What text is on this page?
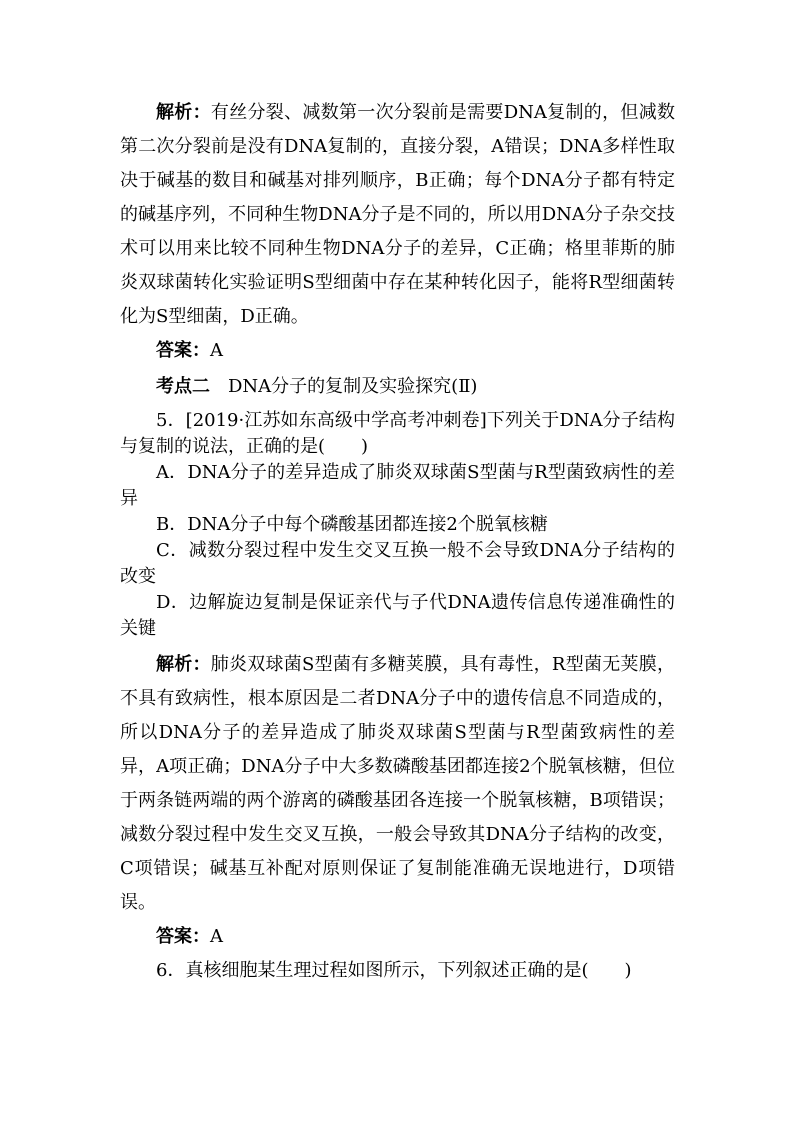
解析：有丝分裂、减数第一次分裂前是需要DNA复制的，但减数第二次分裂前是没有DNA复制的，直接分裂，A错误；DNA多样性取决于碱基的数目和碱基对排列顺序，B正确；每个DNA分子都有特定的碱基序列，不同种生物DNA分子是不同的，所以用DNA分子杂交技术可以用来比较不同种生物DNA分子的差异，C正确；格里菲斯的肺炎双球菌转化实验证明S型细菌中存在某种转化因子，能将R型细菌转化为S型细菌，D正确。

答案：A

考点二　 DNA分子的复制及实验探究(Ⅱ)

5．[2019·江苏如东高级中学高考冲刺卷]下列关于DNA分子结构与复制的说法，正确的是(　　)

A．DNA分子的差异造成了肺炎双球菌S型菌与R型菌致病性的差异

B．DNA分子中每个磷酸基团都连接2个脱氧核糖

C．减数分裂过程中发生交叉互换一般不会导致DNA分子结构的改变

D．边解旋边复制是保证亲代与子代DNA遗传信息传递准确性的关键

解析：肺炎双球菌S型菌有多糖荚膜，具有毒性，R型菌无荚膜，不具有致病性，根本原因是二者DNA分子中的遗传信息不同造成的，所以DNA分子的差异造成了肺炎双球菌S型菌与R型菌致病性的差异，A项正确；DNA分子中大多数磷酸基团都连接2个脱氧核糖，但位于两条链两端的两个游离的磷酸基团各连接一个脱氧核糖，B项错误；减数分裂过程中发生交叉互换，一般会导致其DNA分子结构的改变，C项错误；碱基互补配对原则保证了复制能准确无误地进行，D项错误。

答案：A

6．真核细胞某生理过程如图所示，下列叙述正确的是(　　)
